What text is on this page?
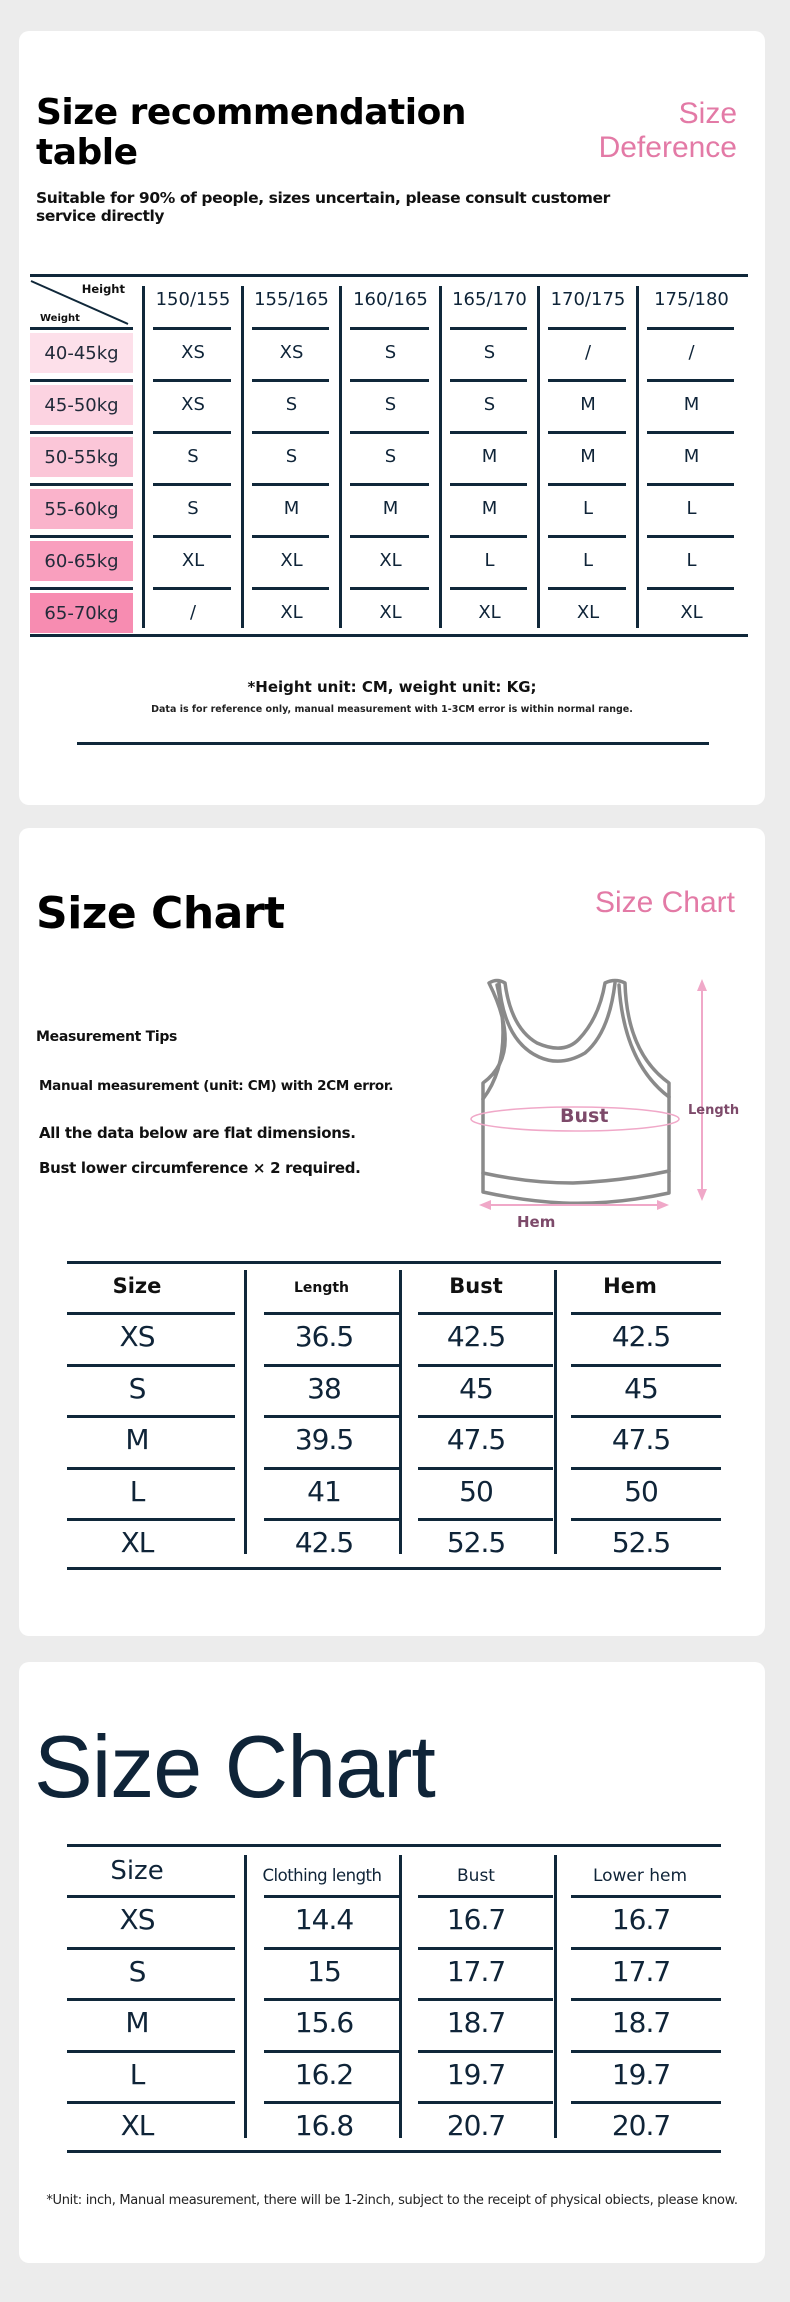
Size recommendation table
Size Deference
Suitable for 90% of people, sizes uncertain, please consult customer service directly
Height
Weight
150/155	155/165	160/165	165/170	170/175	175/180
40-45kg	XS	XS	S	S	/	/
45-50kg	XS	S	S	S	M	M
50-55kg	S	S	S	M	M	M
55-60kg	S	M	M	M	L	L
60-65kg	XL	XL	XL	L	L	L
65-70kg	/	XL	XL	XL	XL	XL
*Height unit: CM, weight unit: KG;
Data is for reference only, manual measurement with 1-3CM error is within normal range.
Size Chart	Size Chart
Measurement Tips
Manual measurement (unit: CM) with 2CM error.
All the data below are flat dimensions.
Bust lower circumference × 2 required.
Bust	Length
Hem
Size	Length	Bust	Hem
XS	36.5	42.5	42.5
S	38	45	45
M	39.5	47.5	47.5
L	41	50	50
XL	42.5	52.5	52.5
Size Chart
Size	Clothing length	Bust	Lower hem
XS	14.4	16.7	16.7
S	15	17.7	17.7
M	15.6	18.7	18.7
L	16.2	19.7	19.7
XL	16.8	20.7	20.7
*Unit: inch, Manual measurement, there will be 1-2inch, subject to the receipt of physical obiects, please know.
